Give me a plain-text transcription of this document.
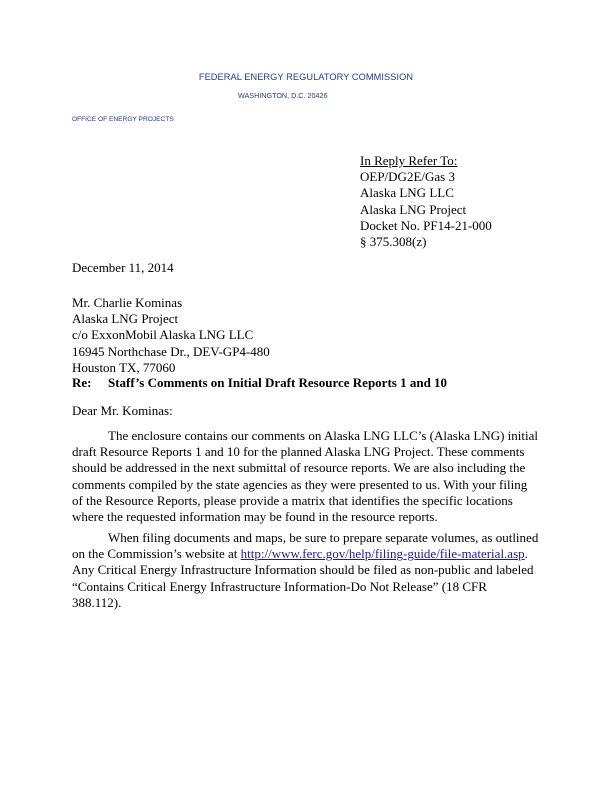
FEDERAL ENERGY REGULATORY COMMISSION
WASHINGTON, D.C. 20426
OFFICE OF ENERGY PROJECTS
In Reply Refer To:
OEP/DG2E/Gas 3
Alaska LNG LLC
Alaska LNG Project
Docket No. PF14-21-000
§ 375.308(z)
December 11, 2014
Mr. Charlie Kominas
Alaska LNG Project
c/o ExxonMobil Alaska LNG LLC
16945 Northchase Dr., DEV-GP4-480
Houston TX, 77060
Re: Staff’s Comments on Initial Draft Resource Reports 1 and 10
Dear Mr. Kominas:
The enclosure contains our comments on Alaska LNG LLC’s (Alaska LNG) initial
draft Resource Reports 1 and 10 for the planned Alaska LNG Project. These comments
should be addressed in the next submittal of resource reports. We are also including the
comments compiled by the state agencies as they were presented to us. With your filing
of the Resource Reports, please provide a matrix that identifies the specific locations
where the requested information may be found in the resource reports.
When filing documents and maps, be sure to prepare separate volumes, as outlined
on the Commission’s website at http://www.ferc.gov/help/filing-guide/file-material.asp.
Any Critical Energy Infrastructure Information should be filed as non-public and labeled
“Contains Critical Energy Infrastructure Information-Do Not Release” (18 CFR
388.112).
